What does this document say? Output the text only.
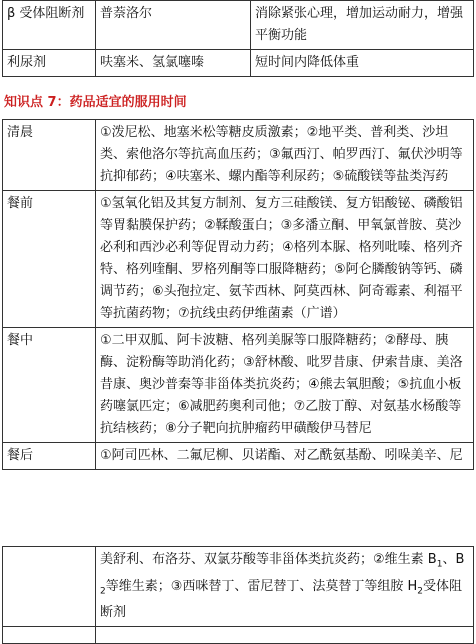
β 受体阻断剂	普萘洛尔	消除紧张心理，增加运动耐力，增强平衡功能
利尿剂	呋塞米、氢氯噻嗪	短时间内降低体重
知识点 7：药品适宜的服用时间
清晨	①泼尼松、地塞米松等糖皮质激素；②地平类、普利类、沙坦类、索他洛尔等抗高血压药；③氟西汀、帕罗西汀、氟伏沙明等抗抑郁药；④呋塞米、螺内酯等利尿药；⑤硫酸镁等盐类泻药
餐前	①氢氧化铝及其复方制剂、复方三硅酸镁、复方铝酸铋、磷酸铝等胃黏膜保护药；②鞣酸蛋白；③多潘立酮、甲氧氯普胺、莫沙必利和西沙必利等促胃动力药；④格列本脲、格列吡嗪、格列齐特、格列喹酮、罗格列酮等口服降糖药；⑤阿仑膦酸钠等钙、磷调节药；⑥头孢拉定、氨苄西林、阿莫西林、阿奇霉素、利福平等抗菌药物；⑦抗线虫药伊维菌素（广谱）
餐中	①二甲双胍、阿卡波糖、格列美脲等口服降糖药；②酵母、胰酶、淀粉酶等助消化药；③舒林酸、吡罗昔康、伊索昔康、美洛昔康、奥沙普秦等非甾体类抗炎药；④熊去氧胆酸；⑤抗血小板药噻氯匹定；⑥减肥药奥利司他；⑦乙胺丁醇、对氨基水杨酸等抗结核药；⑧分子靶向抗肿瘤药甲磺酸伊马替尼
餐后	①阿司匹林、二氟尼柳、贝诺酯、对乙酰氨基酚、吲哚美辛、尼
	美舒利、布洛芬、双氯芬酸等非甾体类抗炎药；②维生素 $B_1$、$B_2$等维生素；③西咪替丁、雷尼替丁、法莫替丁等组胺 $H_2$受体阻断剂
